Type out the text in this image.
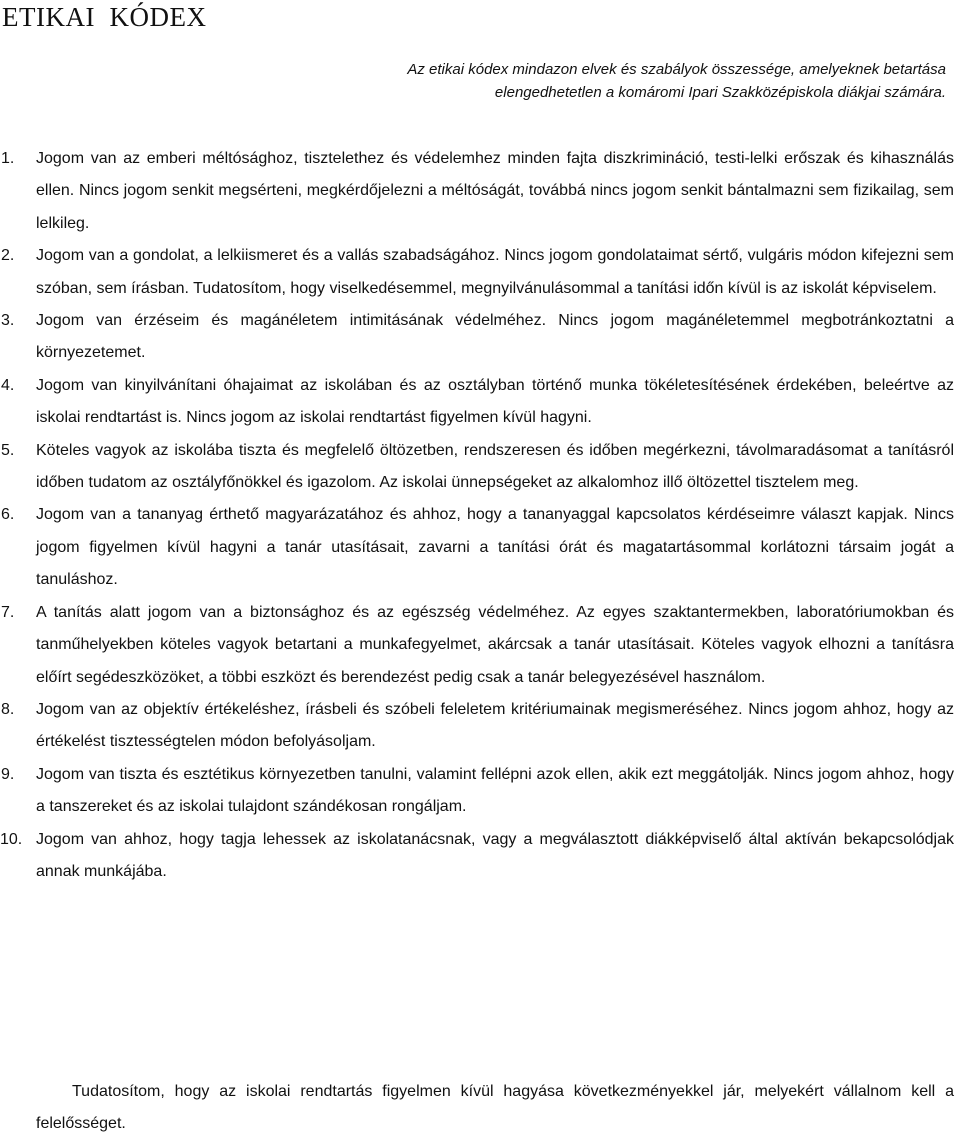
ETIKAI  KÓDEX
Az etikai kódex mindazon elvek és szabályok összessége, amelyeknek betartása elengedhetetlen a komáromi Ipari Szakközépiskola diákjai számára.
1. Jogom van az emberi méltósághoz, tisztelethez és védelemhez minden fajta diszkrimináció, testi-lelki erőszak és kihasználás ellen. Nincs jogom senkit megsérteni, megkérdőjelezni a méltóságát, továbbá nincs jogom senkit bántalmazni sem fizikailag, sem lelkileg.
2. Jogom van a gondolat, a lelkiismeret és a vallás szabadságához. Nincs jogom gondolataimat sértő, vulgáris módon kifejezni sem szóban, sem írásban. Tudatosítom, hogy viselkedésemmel, megnyilvánulásommal a tanítási időn kívül is az iskolát képviselem.
3. Jogom van érzéseim és magánéletem intimitásának védelméhez. Nincs jogom magánéletemmel megbotránkoztatni a környezetemet.
4. Jogom van kinyilvánítani óhajaimat az iskolában és az osztályban történő munka tökéletesítésének érdekében, beleértve az iskolai rendtartást is. Nincs jogom az iskolai rendtartást figyelmen kívül hagyni.
5. Köteles vagyok az iskolába tiszta és megfelelő öltözetben, rendszeresen és időben megérkezni, távolmaradásomat a tanításról időben tudatom az osztályfőnökkel és igazolom. Az iskolai ünnepségeket az alkalomhoz illő öltözettel tisztelem meg.
6. Jogom van a tananyag érthető magyarázatához és ahhoz, hogy a tananyaggal kapcsolatos kérdéseimre választ kapjak. Nincs jogom figyelmen kívül hagyni a tanár utasításait, zavarni a tanítási órát és magatartásommal korlátozni társaim jogát a tanuláshoz.
7. A tanítás alatt jogom van a biztonsághoz és az egészség védelméhez. Az egyes szaktantermekben, laboratóriumokban és tanműhelyekben köteles vagyok betartani a munkafegyelmet, akárcsak a tanár utasításait. Köteles vagyok elhozni a tanításra előírt segédeszközöket, a többi eszközt és berendezést pedig csak a tanár belegyezésével használom.
8. Jogom van az objektív értékeléshez, írásbeli és szóbeli feleletem kritériumainak megismeréséhez. Nincs jogom ahhoz, hogy az értékelést tisztességtelen módon befolyásoljam.
9. Jogom van tiszta és esztétikus környezetben tanulni, valamint fellépni azok ellen, akik ezt meggátolják. Nincs jogom ahhoz, hogy a tanszereket és az iskolai tulajdont szándékosan rongáljam.
10. Jogom van ahhoz, hogy tagja lehessek az iskolatanácsnak, vagy a megválasztott diákképviselő által aktíván bekapcsolódjak annak munkájába.

Tudatosítom, hogy az iskolai rendtartás figyelmen kívül hagyása következményekkel jár, melyekért vállalnom kell a felelősséget.
